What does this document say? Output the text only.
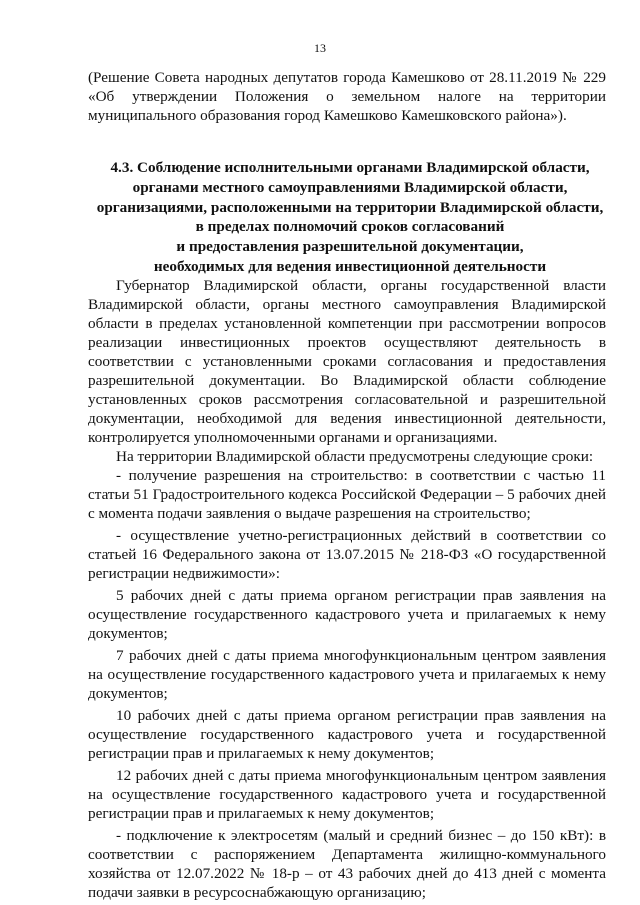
13
(Решение Совета народных депутатов города Камешково от 28.11.2019 № 229 «Об утверждении Положения о земельном налоге на территории муниципального образования город Камешково Камешковского района»).
4.3. Соблюдение исполнительными органами Владимирской области,
органами местного самоуправлениями Владимирской области,
организациями, расположенными на территории Владимирской области,
в пределах полномочий сроков согласований
и предоставления разрешительной документации,
необходимых для ведения инвестиционной деятельности

Губернатор Владимирской области, органы государственной власти Владимирской области, органы местного самоуправления Владимирской области в пределах установленной компетенции при рассмотрении вопросов реализации инвестиционных проектов осуществляют деятельность в соответствии с установленными сроками согласования и предоставления разрешительной документации. Во Владимирской области соблюдение установленных сроков рассмотрения согласовательной и разрешительной документации, необходимой для ведения инвестиционной деятельности, контролируется уполномоченными органами и организациями.

На территории Владимирской области предусмотрены следующие сроки:

- получение разрешения на строительство: в соответствии с частью 11 статьи 51 Градостроительного кодекса Российской Федерации – 5 рабочих дней с момента подачи заявления о выдаче разрешения на строительство;

- осуществление учетно-регистрационных действий в соответствии со статьей 16 Федерального закона от 13.07.2015 № 218-ФЗ «О государственной регистрации недвижимости»:

5 рабочих дней с даты приема органом регистрации прав заявления на осуществление государственного кадастрового учета и прилагаемых к нему документов;

7 рабочих дней с даты приема многофункциональным центром заявления на осуществление государственного кадастрового учета и прилагаемых к нему документов;

10 рабочих дней с даты приема органом регистрации прав заявления на осуществление государственного кадастрового учета и государственной регистрации прав и прилагаемых к нему документов;

12 рабочих дней с даты приема многофункциональным центром заявления на осуществление государственного кадастрового учета и государственной регистрации прав и прилагаемых к нему документов;

- подключение к электросетям (малый и средний бизнес – до 150 кВт): в соответствии с распоряжением Департамента жилищно-коммунального хозяйства от 12.07.2022 № 18-р – от 43 рабочих дней до 413 дней с момента подачи заявки в ресурсоснабжающую организацию;
